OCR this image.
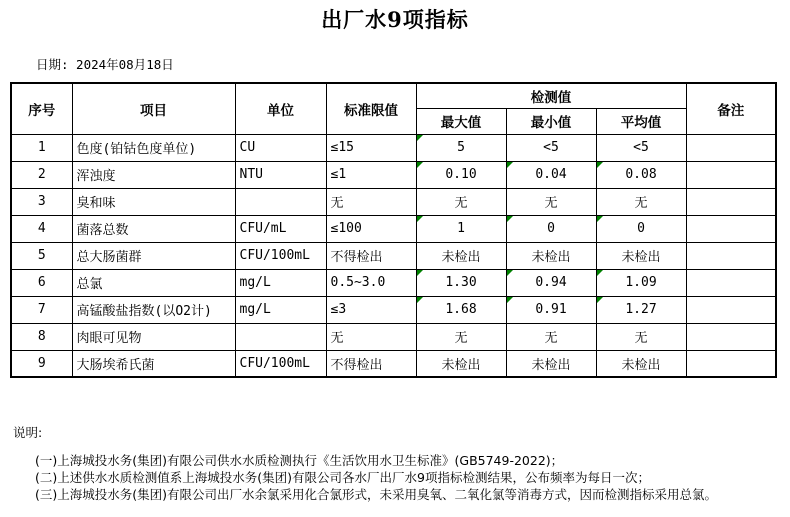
出厂水9项指标
日期: 2024年08月18日
序号	项目	单位	标准限值	检测值			备注
				最大值	最小值	平均值	
1	色度(铂钴色度单位)	CU	≤15	5	<5	<5	
2	浑浊度	NTU	≤1	0.10	0.04	0.08	
3	臭和味		无	无	无	无	
4	菌落总数	CFU/mL	≤100	1	0	0	
5	总大肠菌群	CFU/100mL	不得检出	未检出	未检出	未检出	
6	总氯	mg/L	0.5~3.0	1.30	0.94	1.09	
7	高锰酸盐指数(以O2计)	mg/L	≤3	1.68	0.91	1.27	
8	肉眼可见物		无	无	无	无	
9	大肠埃希氏菌	CFU/100mL	不得检出	未检出	未检出	未检出	
说明:
(一)上海城投水务(集团)有限公司供水水质检测执行《生活饮用水卫生标准》(GB5749-2022)；
(二)上述供水水质检测值系上海城投水务(集团)有限公司各水厂出厂水9项指标检测结果，公布频率为每日一次；
(三)上海城投水务(集团)有限公司出厂水余氯采用化合氯形式，未采用臭氧、二氧化氯等消毒方式，因而检测指标采用总氯。
